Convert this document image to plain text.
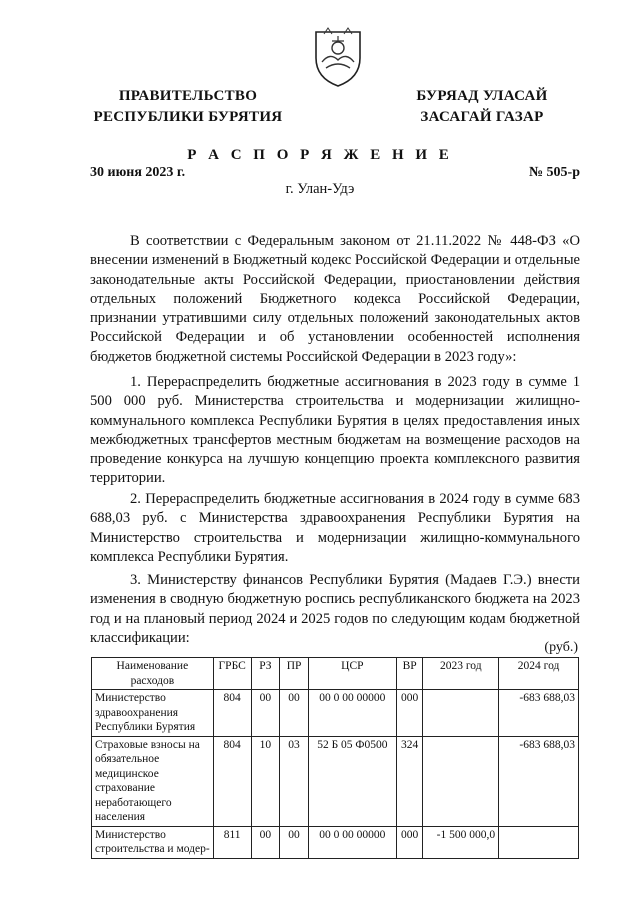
ПРАВИТЕЛЬСТВО
РЕСПУБЛИКИ БУРЯТИЯ
БУРЯАД УЛАСАЙ
ЗАСАГАЙ ГАЗАР
Р А С П О Р Я Ж Е Н И Е
30 июня 2023 г.	№ 505-р
г. Улан-Удэ

В соответствии с Федеральным законом от 21.11.2022 № 448-ФЗ «О внесении изменений в Бюджетный кодекс Российской Федерации и отдельные законодательные акты Российской Федерации, приостановлении действия отдельных положений Бюджетного кодекса Российской Федерации, признании утратившими силу отдельных положений законодательных актов Российской Федерации и об установлении особенностей исполнения бюджетов бюджетной системы Российской Федерации в 2023 году»:

1. Перераспределить бюджетные ассигнования в 2023 году в сумме 1 500 000 руб. Министерства строительства и модернизации жилищно-коммунального комплекса Республики Бурятия в целях предоставления иных межбюджетных трансфертов местным бюджетам на возмещение расходов на проведение конкурса на лучшую концепцию проекта комплексного развития территории.

2. Перераспределить бюджетные ассигнования в 2024 году в сумме 683 688,03 руб. с Министерства здравоохранения Республики Бурятия на Министерство строительства и модернизации жилищно-коммунального комплекса Республики Бурятия.

3. Министерству финансов Республики Бурятия (Мадаев Г.Э.) внести изменения в сводную бюджетную роспись республиканского бюджета на 2023 год и на плановый период 2024 и 2025 годов по следующим кодам бюджетной классификации:

(руб.)
Наименование расходов	ГРБС	РЗ	ПР	ЦСР	ВР	2023 год	2024 год
Министерство здравоохранения Республики Бурятия	804	00	00	00 0 00 00000	000		-683 688,03
Страховые взносы на обязательное медицинское страхование неработающего населения	804	10	03	52 Б 05 Ф0500	324		-683 688,03
Министерство строительства и модер-	811	00	00	00 0 00 00000	000	-1 500 000,0	
